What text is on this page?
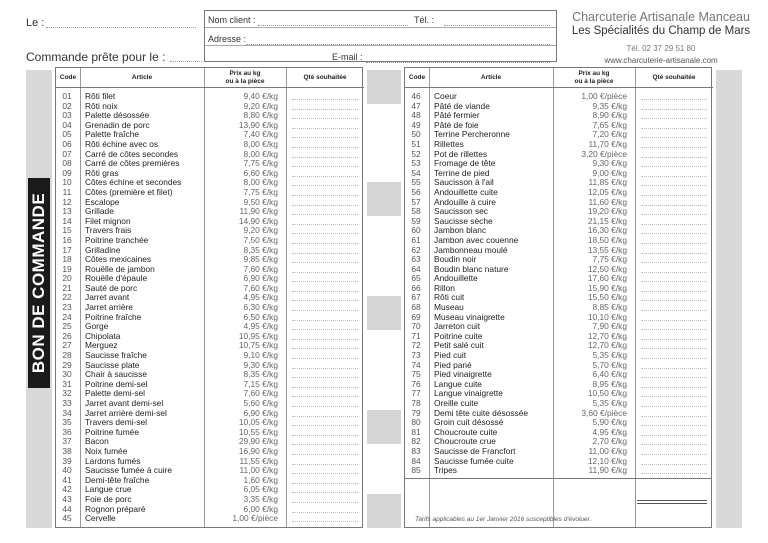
Le :
Commande prête pour le :
Nom client :	Tél. :
Adresse :
E-mail :
Charcuterie Artisanale Manceau
Les Spécialités du Champ de Mars
Tél. 02 37 29 51 80
www.charcuterie-artisanale.com
BON DE COMMANDE
Code	Article
Prix au kg
ou à la pièce
Qté souhaitée
01	Rôti filet	9,40 €/kg
02	Rôti noix	9,20 €/kg
03	Palette désossée	8,80 €/kg
04	Grenadin de porc	13,90 €/kg
05	Palette fraîche	7,40 €/kg
06	Rôti échine avec os	8,00 €/kg
07	Carré de côtes secondes	8,00 €/kg
08	Carré de côtes premières	7,75 €/kg
09	Rôti gras	6,60 €/kg
10	Côtes échine et secondes	8,00 €/kg
11	Côtes (première et filet)	7,75 €/kg
12	Escalope	9,50 €/kg
13	Grillade	11,90 €/kg
14	Filet mignon	14,90 €/kg
15	Travers frais	9,20 €/kg
16	Poitrine tranchée	7,50 €/kg
17	Grilladine	8,35 €/kg
18	Côtes mexicaines	9,85 €/kg
19	Rouëlle de jambon	7,60 €/kg
20	Rouëlle d'épaule	6,90 €/kg
21	Sauté de porc	7,60 €/kg
22	Jarret avant	4,95 €/kg
23	Jarret arrière	6,30 €/kg
24	Poitrine fraîche	6,50 €/kg
25	Gorge	4,95 €/kg
26	Chipolata	10,95 €/kg
27	Merguez	10,75 €/kg
28	Saucisse fraîche	9,10 €/kg
29	Saucisse plate	9,30 €/kg
30	Chair à saucisse	8,35 €/kg
31	Poitrine demi-sel	7,15 €/kg
32	Palette demi-sel	7,60 €/kg
33	Jarret avant demi-sel	5,60 €/kg
34	Jarret arrière demi-sel	6,90 €/kg
35	Travers demi-sel	10,05 €/kg
36	Poitrine fumée	10,55 €/kg
37	Bacon	29,90 €/kg
38	Noix fumée	16,90 €/kg
39	Lardons fumés	11,55 €/kg
40	Saucisse fumée à cuire	11,00 €/kg
41	Demi-tête fraîche	1,60 €/kg
42	Langue crue	6,05 €/kg
43	Foie de porc	3,35 €/kg
44	Rognon préparé	6,00 €/kg
45	Cervelle	1,00 €/pièce
Code	Article
Prix au kg
ou à la pièce
Qté souhaitée
46	Coeur	1,00 €/pièce
47	Pâté de viande	9,35 €/kg
48	Pâté fermier	8,90 €/kg
49	Pâté de foie	7,65 €/kg
50	Terrine Percheronne	7,20 €/kg
51	Rillettes	11,70 €/kg
52	Pot de rillettes	3,20 €/pièce
53	Fromage de tête	9,30 €/kg
54	Terrine de pied	9,00 €/kg
55	Saucisson à l'ail	11,85 €/kg
56	Andouillette cuite	12,05 €/kg
57	Andouille à cuire	11,60 €/kg
58	Saucisson sec	19,20 €/kg
59	Saucisse sèche	21,15 €/kg
60	Jambon blanc	16,30 €/kg
61	Jambon avec couenne	18,50 €/kg
62	Jambonneau moulé	13,55 €/kg
63	Boudin noir	7,75 €/kg
64	Boudin blanc nature	12,50 €/kg
65	Andouillette	17,60 €/kg
66	Rillon	15,90 €/kg
67	Rôti cuit	15,50 €/kg
68	Museau	8,85 €/kg
69	Museau vinaigrette	10,10 €/kg
70	Jarreton cuit	7,90 €/kg
71	Poitrine cuite	12,70 €/kg
72	Petit salé cuit	12,70 €/kg
73	Pied cuit	5,35 €/kg
74	Pied pané	5,70 €/kg
75	Pied vinaigrette	6,40 €/kg
76	Langue cuite	8,95 €/kg
77	Langue vinaigrette	10,50 €/kg
78	Oreille cuite	5,35 €/kg
79	Demi tête cuite désossée	3,60 €/pièce
80	Groin cuit désossé	5,90 €/kg
81	Choucroute cuite	4,95 €/kg
82	Choucroute crue	2,70 €/kg
83	Saucisse de Francfort	11,00 €/kg
84	Saucisse fumée cuite	12,10 €/kg
85	Tripes	11,90 €/kg
Tarifs applicables au 1er Janvier 2016 susceptibles d'évoluer.
